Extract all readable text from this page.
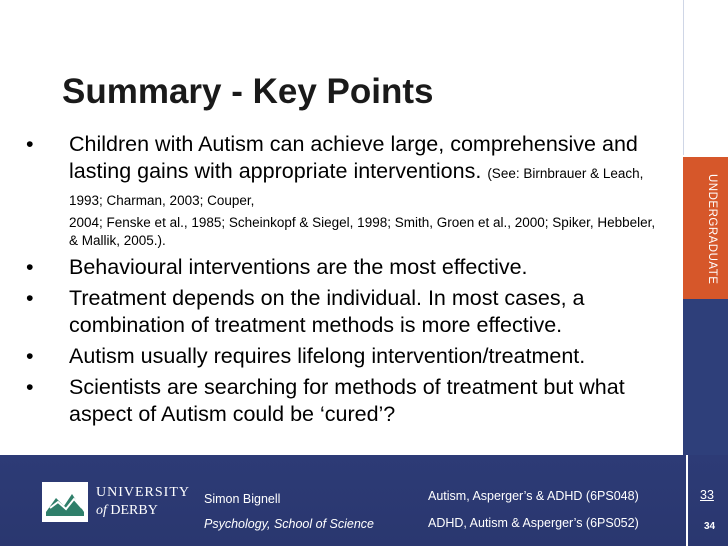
UNDERGRADUATE
Summary - Key Points
•	Children with Autism can achieve large, comprehensive and lasting gains with appropriate interventions. (See: Birnbrauer & Leach, 1993; Charman, 2003; Couper,
2004; Fenske et al., 1985; Scheinkopf & Siegel, 1998; Smith, Groen et al., 2000; Spiker, Hebbeler, & Mallik, 2005.).
•	Behavioural interventions are the most effective.
•	Treatment depends on the individual. In most cases, a combination of treatment methods is more effective.
•	Autism usually requires lifelong intervention/treatment.
•	Scientists are searching for methods of treatment but what aspect of Autism could be ‘cured’?
UNIVERSITY
of DERBY
Simon Bignell
Psychology, School of Science
Autism, Asperger’s & ADHD (6PS048)
ADHD, Autism & Asperger’s (6PS052)
33
34
